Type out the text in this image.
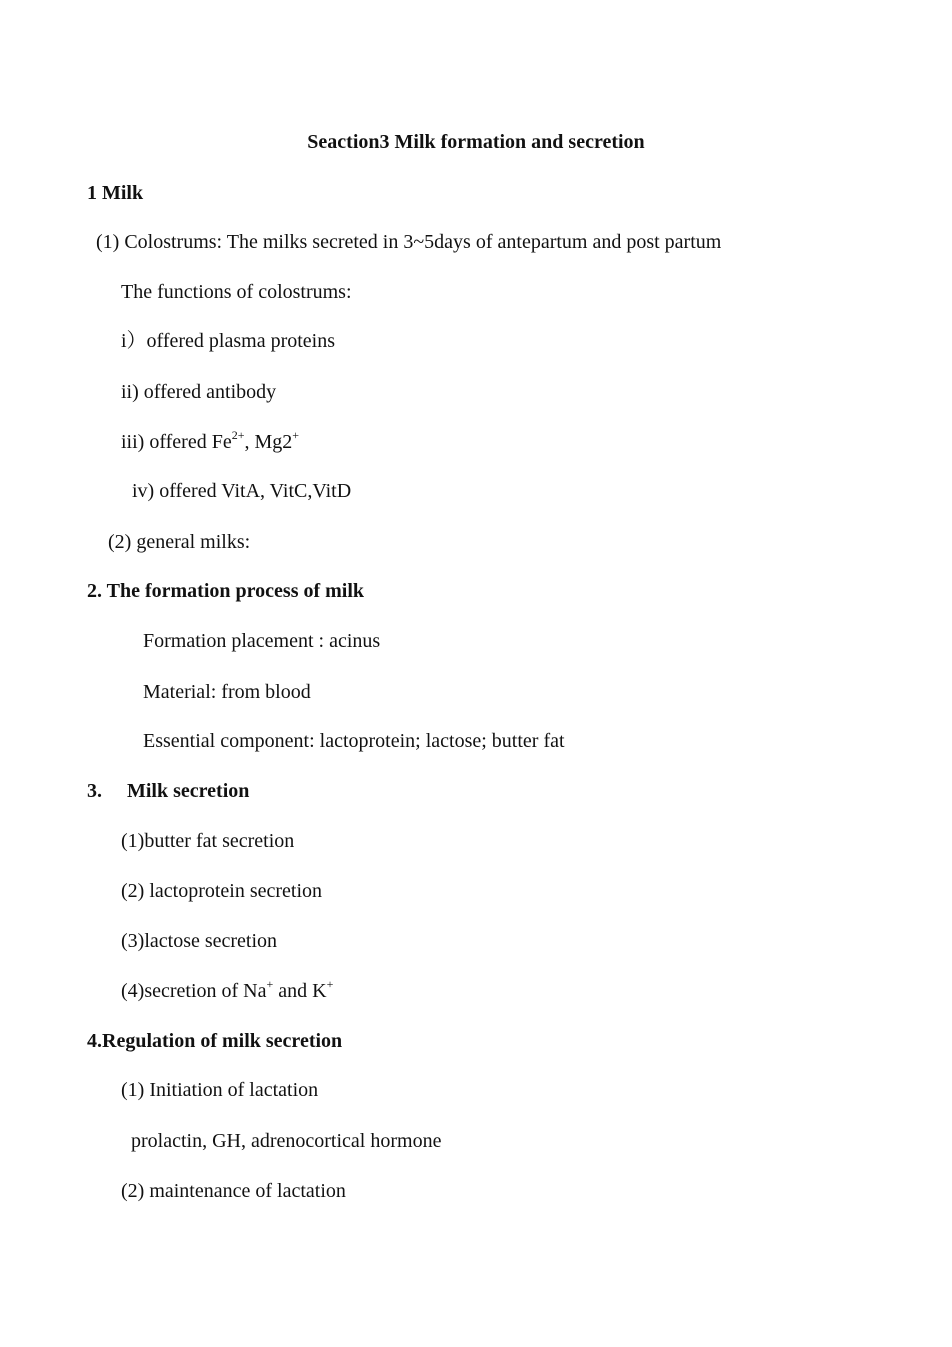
Seaction3 Milk formation and secretion
1 Milk
(1) Colostrums: The milks secreted in 3~5days of antepartum and post partum
The functions of colostrums:
i）offered plasma proteins
ii) offered antibody
iii) offered $Fe^{2+}$, Mg2+
iv) offered VitA, VitC,VitD
(2) general milks:
2. The formation process of milk
Formation placement : acinus
Material: from blood
Essential component: lactoprotein; lactose; butter fat
3. Milk secretion
(1)butter fat secretion
(2) lactoprotein secretion
(3)lactose secretion
(4)secretion of Na+ and K+
4.Regulation of milk secretion
(1) Initiation of lactation
prolactin, GH, adrenocortical hormone
(2) maintenance of lactation
